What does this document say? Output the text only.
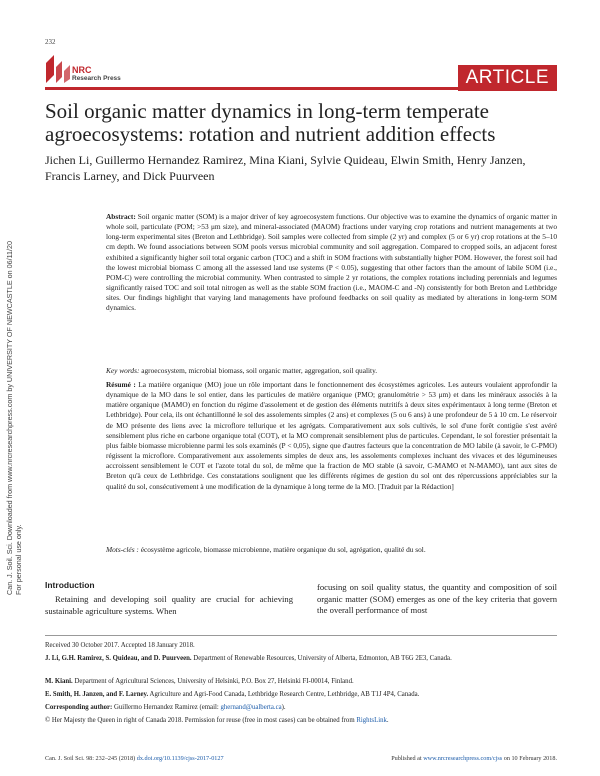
232
NRC
Research Press	ARTICLE
Soil organic matter dynamics in long-term temperate agroecosystems: rotation and nutrient addition effects
Jichen Li, Guillermo Hernandez Ramirez, Mina Kiani, Sylvie Quideau, Elwin Smith, Henry Janzen, Francis Larney, and Dick Puurveen
Can. J. Soil. Sci. Downloaded from www.nrcresearchpress.com by UNIVERSITY OF NEWCASTLE on 06/11/20
For personal use only.
Abstract: Soil organic matter (SOM) is a major driver of key agroecosystem functions. Our objective was to examine the dynamics of organic matter in whole soil, particulate (POM; >53 μm size), and mineral-associated (MAOM) fractions under varying crop rotations and nutrient managements at two long-term experimental sites (Breton and Lethbridge). Soil samples were collected from simple (2 yr) and complex (5 or 6 yr) crop rotations at the 5–10 cm depth. We found associations between SOM pools versus microbial community and soil aggregation. Compared to cropped soils, an adjacent forest exhibited a significantly higher soil total organic carbon (TOC) and a shift in SOM fractions with substantially higher POM. However, the forest soil had the lowest microbial biomass C among all the assessed land use systems (P < 0.05), suggesting that other factors than the amount of labile SOM (i.e., POM-C) were controlling the microbial community. When contrasted to simple 2 yr rotations, the complex rotations including perennials and legumes significantly raised TOC and soil total nitrogen as well as the stable SOM fraction (i.e., MAOM-C and -N) consistently for both Breton and Lethbridge sites. Our findings highlight that varying land managements have profound feedbacks on soil quality as mediated by alterations in long-term SOM dynamics.
Key words: agroecosystem, microbial biomass, soil organic matter, aggregation, soil quality.
Résumé : La matière organique (MO) joue un rôle important dans le fonctionnement des écosystèmes agricoles. Les auteurs voulaient approfondir la dynamique de la MO dans le sol entier, dans les particules de matière organique (PMO; granulométrie > 53 μm) et dans les minéraux associés à la matière organique (MAMO) en fonction du régime d'assolement et de gestion des éléments nutritifs à deux sites expérimentaux à long terme (Breton et Lethbridge). Pour cela, ils ont échantillonné le sol des assolements simples (2 ans) et complexes (5 ou 6 ans) à une profondeur de 5 à 10 cm. Le réservoir de MO présente des liens avec la microflore tellurique et les agrégats. Comparativement aux sols cultivés, le sol d'une forêt contigüe s'est avéré sensiblement plus riche en carbone organique total (COT), et la MO comprenait sensiblement plus de particules. Cependant, le sol forestier présentait la plus faible biomasse microbienne parmi les sols examinés (P < 0,05), signe que d'autres facteurs que la concentration de MO labile (à savoir, le C-PMO) régissent la microflore. Comparativement aux assolements simples de deux ans, les assolements complexes incluant des vivaces et des légumineuses accroissent sensiblement le COT et l'azote total du sol, de même que la fraction de MO stable (à savoir, C-MAMO et N-MAMO), tant aux sites de Breton qu'à ceux de Lethbridge. Ces constatations soulignent que les différents régimes de gestion du sol ont des répercussions appréciables sur la qualité du sol, consécutivement à une modification de la dynamique à long terme de la MO. [Traduit par la Rédaction]
Mots-clés : écosystème agricole, biomasse microbienne, matière organique du sol, agrégation, qualité du sol.
Introduction
Retaining and developing soil quality are crucial for achieving sustainable agriculture systems. When
focusing on soil quality status, the quantity and composition of soil organic matter (SOM) emerges as one of the key criteria that govern the overall performance of most
Received 30 October 2017. Accepted 18 January 2018.
J. Li, G.H. Ramirez, S. Quideau, and D. Puurveen. Department of Renewable Resources, University of Alberta, Edmonton, AB T6G 2E3, Canada.
M. Kiani. Department of Agricultural Sciences, University of Helsinki, P.O. Box 27, Helsinki FI-00014, Finland.
E. Smith, H. Janzen, and F. Larney. Agriculture and Agri-Food Canada, Lethbridge Research Centre, Lethbridge, AB T1J 4P4, Canada.
Corresponding author: Guillermo Hernandez Ramirez (email: ghernand@ualberta.ca).
© Her Majesty the Queen in right of Canada 2018. Permission for reuse (free in most cases) can be obtained from RightsLink.
Can. J. Soil Sci. 98: 232–245 (2018) dx.doi.org/10.1139/cjss-2017-0127	Published at www.nrcresearchpress.com/cjss on 10 February 2018.
